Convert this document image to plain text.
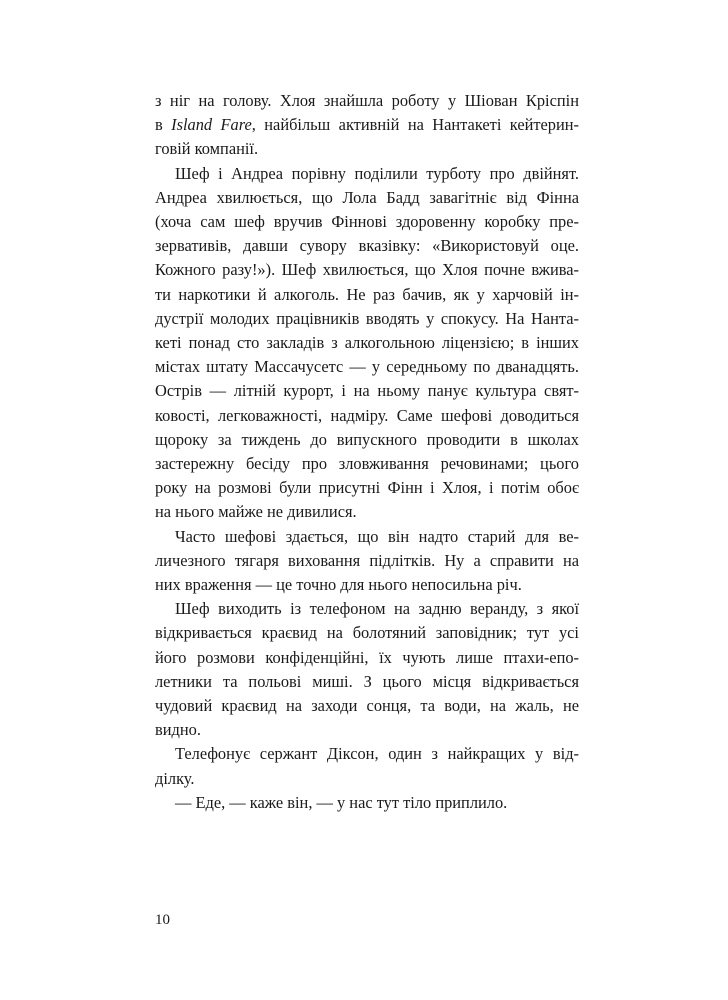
з ніг на голову. Хлоя знайшла роботу у Шіован Кріспін
в Island Fare, найбільш активній на Нантакеті кейтерин-
говій компанії.

Шеф і Андреа порівну поділили турботу про двійнят.
Андреа хвилюється, що Лола Бадд завагітніє від Фінна
(хоча сам шеф вручив Фіннові здоровенну коробку пре-
зервативів, давши сувору вказівку: «Використовуй оце.
Кожного разу!»). Шеф хвилюється, що Хлоя почне вжива-
ти наркотики й алкоголь. Не раз бачив, як у харчовій ін-
дустрії молодих працівників вводять у спокусу. На Нанта-
кеті понад сто закладів з алкогольною ліцензією; в інших
містах штату Массачусетс — у середньому по дванадцять.
Острів — літній курорт, і на ньому панує культура свят-
ковості, легковажності, надміру. Саме шефові доводиться
щороку за тиждень до випускного проводити в школах
застережну бесіду про зловживання речовинами; цього
року на розмові були присутні Фінн і Хлоя, і потім обоє
на нього майже не дивилися.

Часто шефові здається, що він надто старий для ве-
личезного тягаря виховання підлітків. Ну а справити на
них враження — це точно для нього непосильна річ.

Шеф виходить із телефоном на задню веранду, з якої
відкривається краєвид на болотяний заповідник; тут усі
його розмови конфіденційні, їх чують лише птахи-епо-
летники та польові миші. З цього місця відкривається
чудовий краєвид на заходи сонця, та води, на жаль, не
видно.

Телефонує сержант Діксон, один з найкращих у від-
ділку.

— Еде, — каже він, — у нас тут тіло приплило.

10
